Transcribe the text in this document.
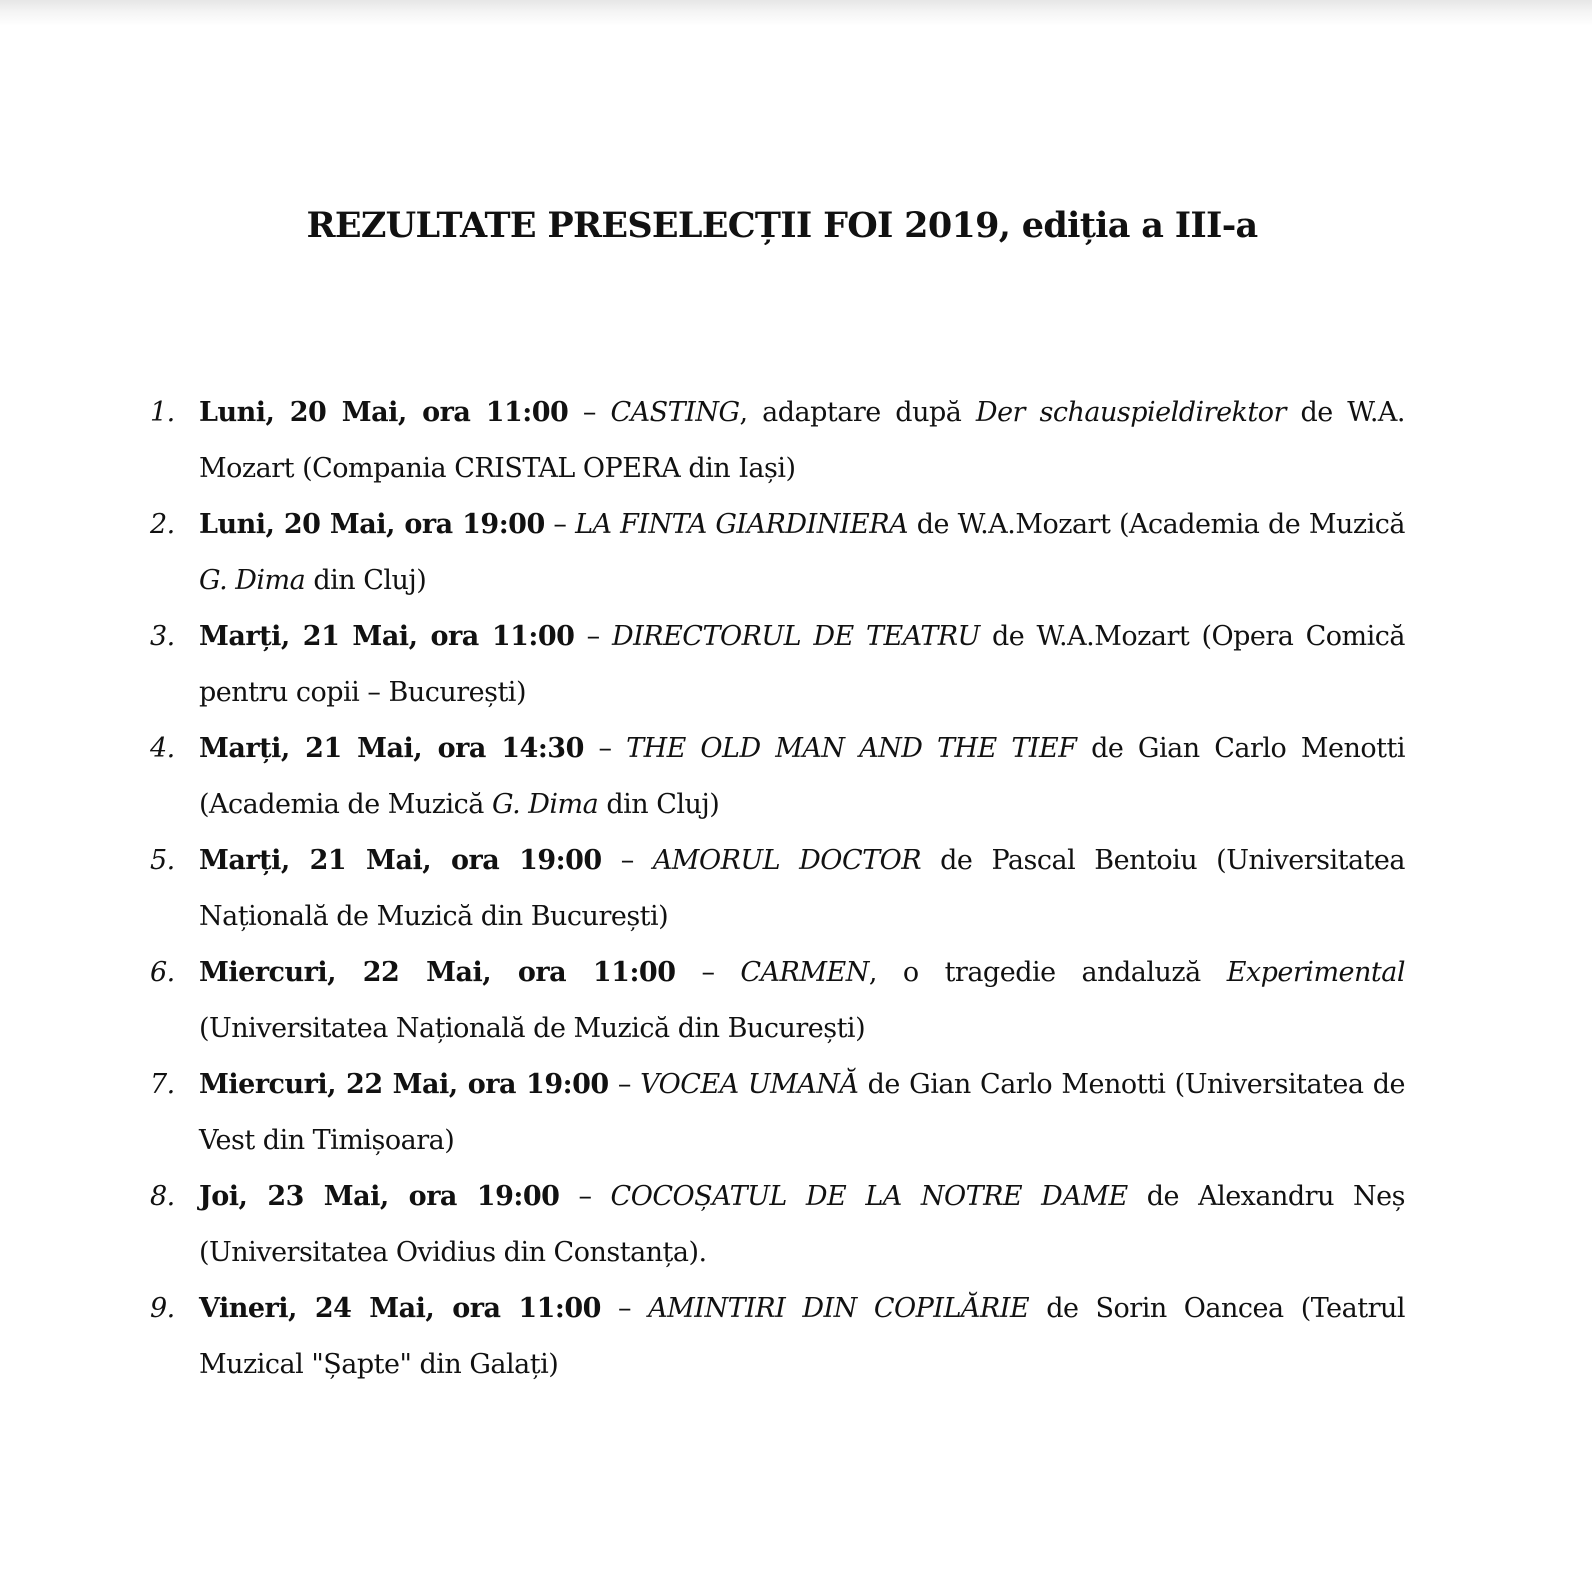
REZULTATE PRESELECȚII FOI 2019, ediția a III-a
1. Luni, 20 Mai, ora 11:00 – CASTING, adaptare după Der schauspieldirektor de W.A. Mozart (Compania CRISTAL OPERA din Iași)
2. Luni, 20 Mai, ora 19:00 – LA FINTA GIARDINIERA de W.A.Mozart (Academia de Muzică G. Dima din Cluj)
3. Marți, 21 Mai, ora 11:00 – DIRECTORUL DE TEATRU de W.A.Mozart (Opera Comică pentru copii – București)
4. Marți, 21 Mai, ora 14:30 – THE OLD MAN AND THE TIEF de Gian Carlo Menotti (Academia de Muzică G. Dima din Cluj)
5. Marți, 21 Mai, ora 19:00 – AMORUL DOCTOR de Pascal Bentoiu (Universitatea Națională de Muzică din București)
6. Miercuri, 22 Mai, ora 11:00 – CARMEN, o tragedie andaluză Experimental (Universitatea Națională de Muzică din București)
7. Miercuri, 22 Mai, ora 19:00 – VOCEA UMANĂ de Gian Carlo Menotti (Universitatea de Vest din Timișoara)
8. Joi, 23 Mai, ora 19:00 – COCOȘATUL DE LA NOTRE DAME de Alexandru Neș (Universitatea Ovidius din Constanța).
9. Vineri, 24 Mai, ora 11:00 – AMINTIRI DIN COPILĂRIE de Sorin Oancea (Teatrul Muzical "Șapte" din Galați)
